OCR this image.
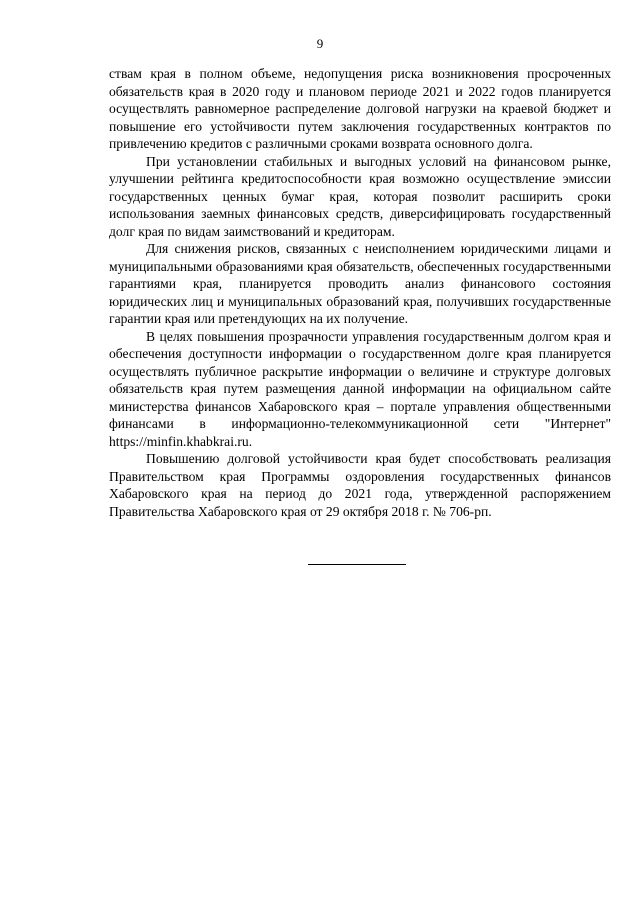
9

ствам края в полном объеме, недопущения риска возникновения просроченных обязательств края в 2020 году и плановом периоде 2021 и 2022 годов планируется осуществлять равномерное распределение долговой нагрузки на краевой бюджет и повышение его устойчивости путем заключения государственных контрактов по привлечению кредитов с различными сроками возврата основного долга.

При установлении стабильных и выгодных условий на финансовом рынке, улучшении рейтинга кредитоспособности края возможно осуществление эмиссии государственных ценных бумаг края, которая позволит расширить сроки использования заемных финансовых средств, диверсифицировать государственный долг края по видам заимствований и кредиторам.

Для снижения рисков, связанных с неисполнением юридическими лицами и муниципальными образованиями края обязательств, обеспеченных государственными гарантиями края, планируется проводить анализ финансового состояния юридических лиц и муниципальных образований края, получивших государственные гарантии края или претендующих на их получение.

В целях повышения прозрачности управления государственным долгом края и обеспечения доступности информации о государственном долге края планируется осуществлять публичное раскрытие информации о величине и структуре долговых обязательств края путем размещения данной информации на официальном сайте министерства финансов Хабаровского края – портале управления общественными финансами в информационно-телекоммуникационной сети "Интернет" https://minfin.khabkrai.ru.

Повышению долговой устойчивости края будет способствовать реализация Правительством края Программы оздоровления государственных финансов Хабаровского края на период до 2021 года, утвержденной распоряжением Правительства Хабаровского края от 29 октября 2018 г. № 706-рп.
